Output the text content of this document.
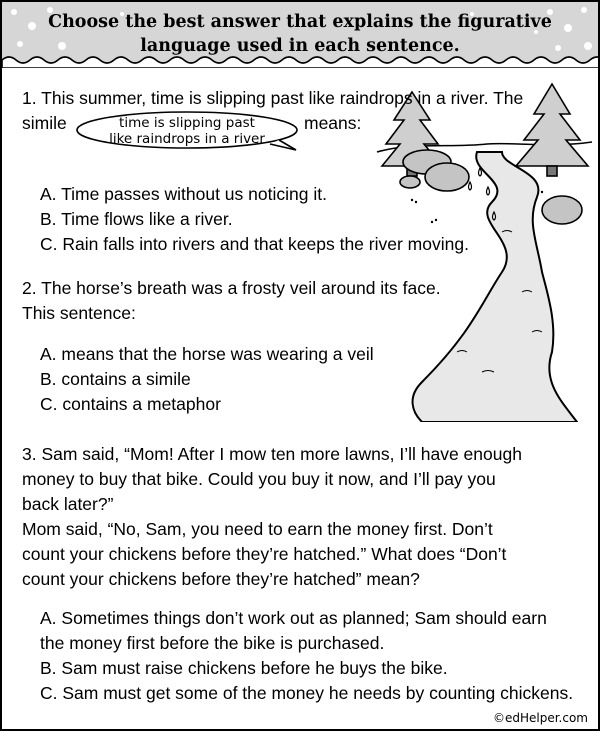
Choose the best answer that explains the figurative
language used in each sentence.

1. This summer, time is slipping past like raindrops in a river. The

simile	time is slipping past
like raindrops in a river
means:
A. Time passes without us noticing it.
B. Time flows like a river.
C. Rain falls into rivers and that keeps the river moving.

2. The horse’s breath was a frosty veil around its face.

This sentence:

A. means that the horse was wearing a veil
B. contains a simile
C. contains a metaphor

3. Sam said, “Mom! After I mow ten more lawns, I’ll have enough

money to buy that bike. Could you buy it now, and I’ll pay you

back later?”

Mom said, “No, Sam, you need to earn the money first. Don’t

count your chickens before they’re hatched.” What does “Don’t

count your chickens before they’re hatched” mean?

A. Sometimes things don’t work out as planned; Sam should earn
the money first before the bike is purchased.
B. Sam must raise chickens before he buys the bike.
C. Sam must get some of the money he needs by counting chickens.
©edHelper.com
